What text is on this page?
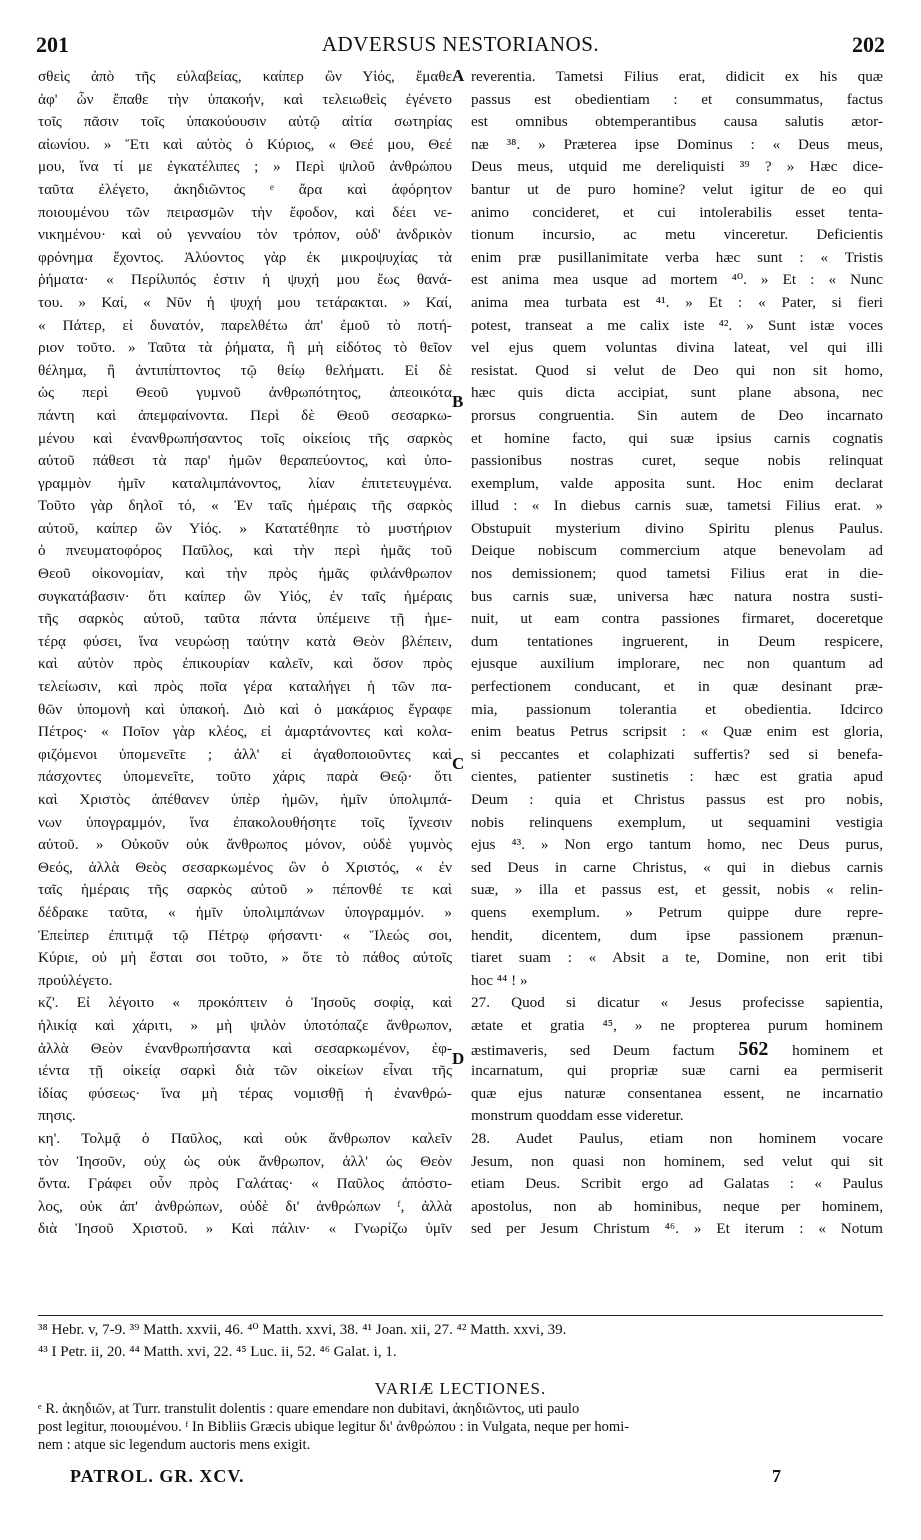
201	ADVERSUS NESTORIANOS.	202
σθεὶς ἀπὸ τῆς εὐλαβείας, καίπερ ὢν Υἱός, ἔμαθε
ἀφ' ὧν ἔπαθε τὴν ὑπακοήν, καὶ τελειωθεὶς ἐγένετο
τοῖς πᾶσιν τοῖς ὑπακούουσιν αὐτῷ αἰτία σωτηρίας
αἰωνίου. » Ἔτι καὶ αὐτὸς ὁ Κύριος, « Θεέ μου, Θεέ
μου, ἵνα τί με ἐγκατέλιπες ; » Περὶ ψιλοῦ ἀνθρώπου
ταῦτα ἐλέγετο, ἀκηδιῶντος ᵉ ἄρα καὶ ἀφόρητον
ποιουμένου τῶν πειρασμῶν τὴν ἔφοδον, καὶ δέει νε-
νικημένου· καὶ οὐ γενναίου τὸν τρόπον, οὐδ' ἀνδρικὸν
φρόνημα ἔχοντος. Ἀλύοντος γὰρ ἐκ μικροψυχίας τὰ
ῥήματα· « Περίλυπός ἐστιν ἡ ψυχή μου ἕως θανά-
του. » Καί, « Νῦν ἡ ψυχή μου τετάρακται. » Καί,
« Πάτερ, εἰ δυνατόν, παρελθέτω ἀπ' ἐμοῦ τὸ ποτή-
ριον τοῦτο. » Ταῦτα τὰ ῥήματα, ἢ μὴ εἰδότος τὸ θεῖον
θέλημα, ἢ ἀντιπίπτοντος τῷ θείῳ θελήματι. Εἰ δὲ
ὡς περὶ Θεοῦ γυμνοῦ ἀνθρωπότητος, ἀπεοικότα
πάντη καὶ ἀπεμφαίνοντα. Περὶ δὲ Θεοῦ σεσαρκω-
μένου καὶ ἐνανθρωπήσαντος τοῖς οἰκείοις τῆς σαρκὸς
αὐτοῦ πάθεσι τὰ παρ' ἡμῶν θεραπεύοντος, καὶ ὑπο-
γραμμὸν ἡμῖν καταλιμπάνοντος, λίαν ἐπιτετευγμένα.
Τοῦτο γὰρ δηλοῖ τό, « Ἐν ταῖς ἡμέραις τῆς σαρκὸς
αὐτοῦ, καίπερ ὢν Υἱός. » Κατατέθηπε τὸ μυστήριον
ὁ πνευματοφόρος Παῦλος, καὶ τὴν περὶ ἡμᾶς τοῦ
Θεοῦ οἰκονομίαν, καὶ τὴν πρὸς ἡμᾶς φιλάνθρωπον
συγκατάβασιν· ὅτι καίπερ ὢν Υἱός, ἐν ταῖς ἡμέραις
τῆς σαρκὸς αὐτοῦ, ταῦτα πάντα ὑπέμεινε τῇ ἡμε-
τέρᾳ φύσει, ἵνα νευρώσῃ ταύτην κατὰ Θεὸν βλέπειν,
καὶ αὐτὸν πρὸς ἐπικουρίαν καλεῖν, καὶ ὅσον πρὸς
τελείωσιν, καὶ πρὸς ποῖα γέρα καταλήγει ἡ τῶν πα-
θῶν ὑπομονὴ καὶ ὑπακοή. Διὸ καὶ ὁ μακάριος ἔγραφε
Πέτρος· « Ποῖον γὰρ κλέος, εἰ ἁμαρτάνοντες καὶ κολα-
φιζόμενοι ὑπομενεῖτε ; ἀλλ' εἰ ἀγαθοποιοῦντες καὶ
πάσχοντες ὑπομενεῖτε, τοῦτο χάρις παρὰ Θεῷ· ὅτι
καὶ Χριστὸς ἀπέθανεν ὑπὲρ ἡμῶν, ἡμῖν ὑπολιμπά-
νων ὑπογραμμόν, ἵνα ἐπακολουθήσητε τοῖς ἴχνεσιν
αὐτοῦ. » Οὐκοῦν οὐκ ἄνθρωπος μόνον, οὐδὲ γυμνὸς
Θεός, ἀλλὰ Θεὸς σεσαρκωμένος ὢν ὁ Χριστός, « ἐν
ταῖς ἡμέραις τῆς σαρκὸς αὐτοῦ » πέπονθέ τε καὶ
δέδρακε ταῦτα, « ἡμῖν ὑπολιμπάνων ὑπογραμμόν. »
Ἐπείπερ ἐπιτιμᾷ τῷ Πέτρῳ φήσαντι· « Ἵλεώς σοι,
Κύριε, οὐ μὴ ἔσται σοι τοῦτο, » ὅτε τὸ πάθος αὐτοῖς
προὐλέγετο.
κζ'. Εἰ λέγοιτο « προκόπτειν ὁ Ἰησοῦς σοφίᾳ, καὶ
ἡλικίᾳ καὶ χάριτι, » μὴ ψιλὸν ὑποτόπαζε ἄνθρωπον,
ἀλλὰ Θεὸν ἐνανθρωπήσαντα καὶ σεσαρκωμένον, ἐφ-
ιέντα τῇ οἰκείᾳ σαρκὶ διὰ τῶν οἰκείων εἶναι τῆς
ἰδίας φύσεως· ἵνα μὴ τέρας νομισθῇ ἡ ἐνανθρώ-
πησις.
κη'. Τολμᾷ ὁ Παῦλος, καὶ οὐκ ἄνθρωπον καλεῖν
τὸν Ἰησοῦν, οὐχ ὡς οὐκ ἄνθρωπον, ἀλλ' ὡς Θεὸν
ὄντα. Γράφει οὖν πρὸς Γαλάτας· « Παῦλος ἀπόστο-
λος, οὐκ ἀπ' ἀνθρώπων, οὐδὲ δι' ἀνθρώπων ᶠ, ἀλλὰ
διὰ Ἰησοῦ Χριστοῦ. » Καὶ πάλιν· « Γνωρίζω ὑμῖν
reverentia. Tametsi Filius erat, didicit ex his quæ
passus est obedientiam : et consummatus, factus
est omnibus obtemperantibus causa salutis ætor-
næ ³⁸. » Præterea ipse Dominus : « Deus meus,
Deus meus, utquid me dereliquisti ³⁹ ? » Hæc dice-
bantur ut de puro homine? velut igitur de eo qui
animo concideret, et cui intolerabilis esset tenta-
tionum incursio, ac metu vinceretur. Deficientis
enim præ pusillanimitate verba hæc sunt : « Tristis
est anima mea usque ad mortem ⁴⁰. » Et : « Nunc
anima mea turbata est ⁴¹. » Et : « Pater, si fieri
potest, transeat a me calix iste ⁴². » Sunt istæ voces
vel ejus quem voluntas divina lateat, vel qui illi
resistat. Quod si velut de Deo qui non sit homo,
hæc quis dicta accipiat, sunt plane absona, nec
prorsus congruentia. Sin autem de Deo incarnato
et homine facto, qui suæ ipsius carnis cognatis
passionibus nostras curet, seque nobis relinquat
exemplum, valde apposita sunt. Hoc enim declarat
illud : « In diebus carnis suæ, tametsi Filius erat. »
Obstupuit mysterium divino Spiritu plenus Paulus.
Deique nobiscum commercium atque benevolam ad
nos demissionem; quod tametsi Filius erat in die-
bus carnis suæ, universa hæc natura nostra susti-
nuit, ut eam contra passiones firmaret, doceretque
dum tentationes ingruerent, in Deum respicere,
ejusque auxilium implorare, nec non quantum ad
perfectionem conducant, et in quæ desinant præ-
mia, passionum tolerantia et obedientia. Idcirco
enim beatus Petrus scripsit : « Quæ enim est gloria,
si peccantes et colaphizati suffertis? sed si benefa-
cientes, patienter sustinetis : hæc est gratia apud
Deum : quia et Christus passus est pro nobis,
nobis relinquens exemplum, ut sequamini vestigia
ejus ⁴³. » Non ergo tantum homo, nec Deus purus,
sed Deus in carne Christus, « qui in diebus carnis
suæ, » illa et passus est, et gessit, nobis « relin-
quens exemplum. » Petrum quippe dure repre-
hendit, dicentem, dum ipse passionem prænun-
tiaret suam : « Absit a te, Domine, non erit tibi
hoc ⁴⁴ ! »
27. Quod si dicatur « Jesus profecisse sapientia,
ætate et gratia ⁴⁵, » ne propterea purum hominem
æstimaveris, sed Deum factum 562 hominem et
incarnatum, qui propriæ suæ carni ea permiserit
quæ ejus naturæ consentanea essent, ne incarnatio
monstrum quoddam esse videretur.
28. Audet Paulus, etiam non hominem vocare
Jesum, non quasi non hominem, sed velut qui sit
etiam Deus. Scribit ergo ad Galatas : « Paulus
apostolus, non ab hominibus, neque per hominem,
sed per Jesum Christum ⁴⁶. » Et iterum : « Notum
A
B
C
D
³⁸ Hebr. v, 7-9. ³⁹ Matth. xxvii, 46. ⁴⁰ Matth. xxvi, 38. ⁴¹ Joan. xii, 27. ⁴² Matth. xxvi, 39.
⁴³ I Petr. ii, 20. ⁴⁴ Matth. xvi, 22. ⁴⁵ Luc. ii, 52. ⁴⁶ Galat. i, 1.
VARIÆ LECTIONES.
ᵉ R. ἀκηδιῶν, at Turr. transtulit dolentis : quare emendare non dubitavi, ἀκηδιῶντος, uti paulo
post legitur, ποιουμένου. ᶠ In Bibliis Græcis ubique legitur δι' ἀνθρώπου : in Vulgata, neque per homi-
nem : atque sic legendum auctoris mens exigit.
PATROL. GR. XCV.	7
